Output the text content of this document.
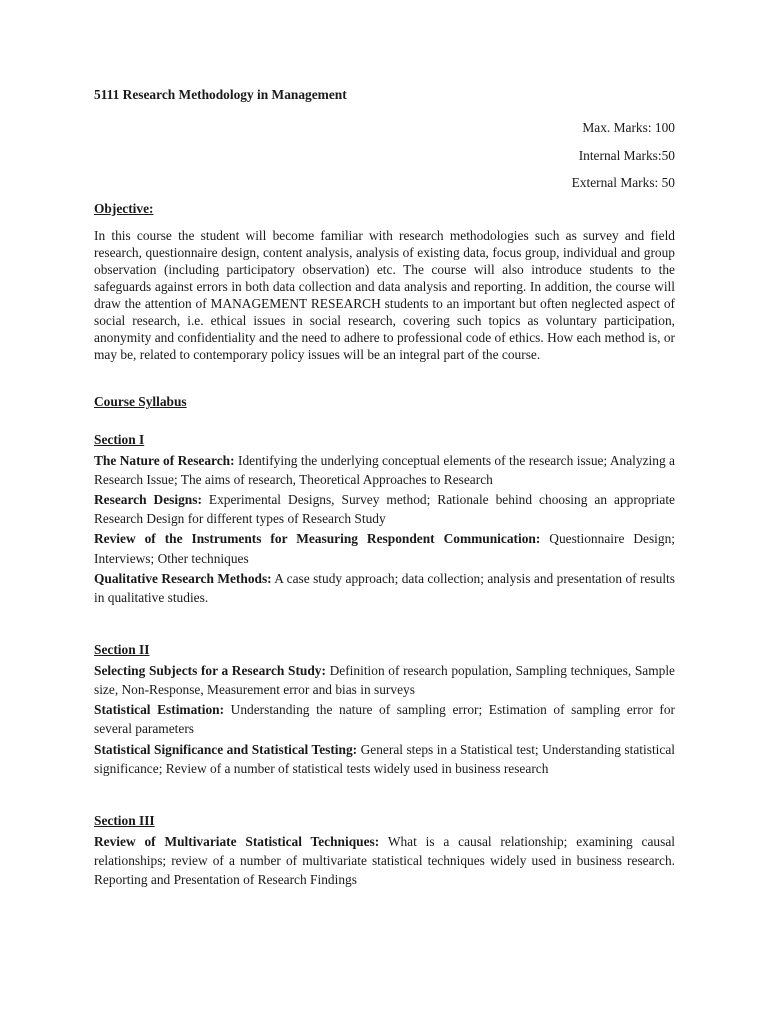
5111 Research Methodology in Management

Max. Marks: 100
Internal Marks:50
External Marks: 50

Objective:

In this course the student will become familiar with research methodologies such as survey and field research, questionnaire design, content analysis, analysis of existing data, focus group, individual and group observation (including participatory observation) etc. The course will also introduce students to the safeguards against errors in both data collection and data analysis and reporting. In addition, the course will draw the attention of MANAGEMENT RESEARCH students to an important but often neglected aspect of social research, i.e. ethical issues in social research, covering such topics as voluntary participation, anonymity and confidentiality and the need to adhere to professional code of ethics. How each method is, or may be, related to contemporary policy issues will be an integral part of the course.

Course Syllabus

Section I

The Nature of Research: Identifying the underlying conceptual elements of the research issue; Analyzing a Research Issue; The aims of research, Theoretical Approaches to Research

Research Designs: Experimental Designs, Survey method; Rationale behind choosing an appropriate Research Design for different types of Research Study

Review of the Instruments for Measuring Respondent Communication: Questionnaire Design; Interviews; Other techniques

Qualitative Research Methods: A case study approach; data collection; analysis and presentation of results in qualitative studies.

Section II

Selecting Subjects for a Research Study: Definition of research population, Sampling techniques, Sample size, Non-Response, Measurement error and bias in surveys

Statistical Estimation: Understanding the nature of sampling error; Estimation of sampling error for several parameters

Statistical Significance and Statistical Testing: General steps in a Statistical test; Understanding statistical significance; Review of a number of statistical tests widely used in business research

Section III

Review of Multivariate Statistical Techniques: What is a causal relationship; examining causal relationships; review of a number of multivariate statistical techniques widely used in business research. Reporting and Presentation of Research Findings
